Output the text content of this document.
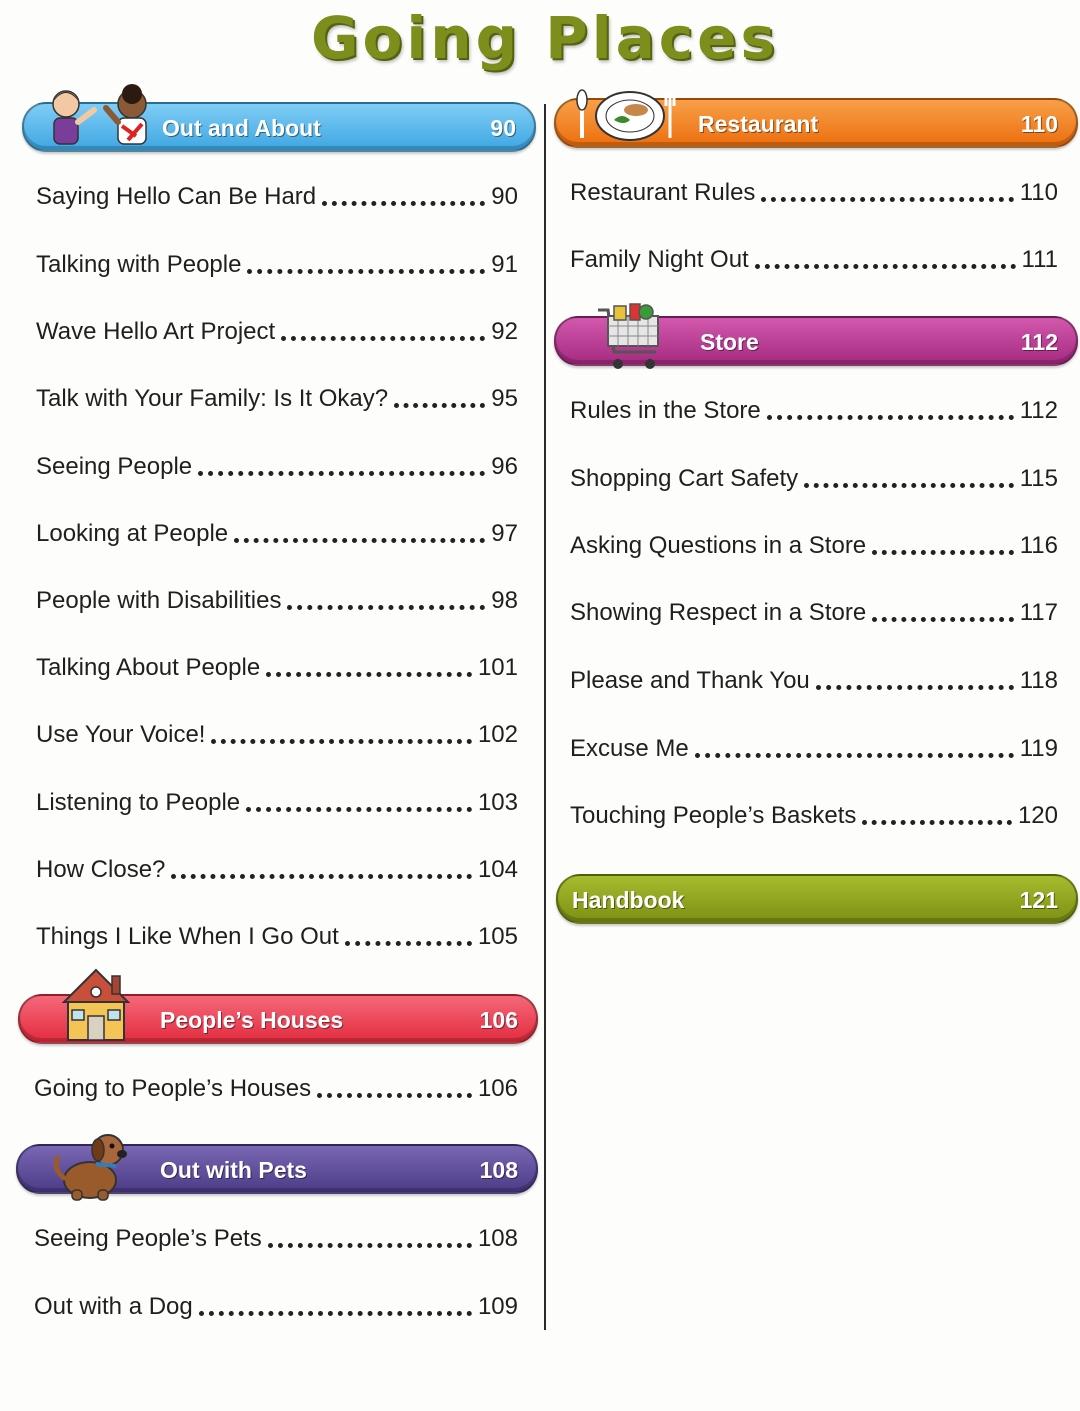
Going Places
Out and About	90
Saying Hello Can Be Hard	90
Talking with People	91
Wave Hello Art Project	92
Talk with Your Family: Is It Okay?	95
Seeing People	96
Looking at People	97
People with Disabilities	98
Talking About People	101
Use Your Voice!	102
Listening to People	103
How Close?	104
Things I Like When I Go Out	105
People’s Houses	106
Going to People’s Houses	106
Out with Pets	108
Seeing People’s Pets	108
Out with a Dog	109
Restaurant	110
Restaurant Rules	110
Family Night Out	111
Store	112
Rules in the Store	112
Shopping Cart Safety	115
Asking Questions in a Store	116
Showing Respect in a Store	117
Please and Thank You	118
Excuse Me	119
Touching People’s Baskets	120
Handbook	121
